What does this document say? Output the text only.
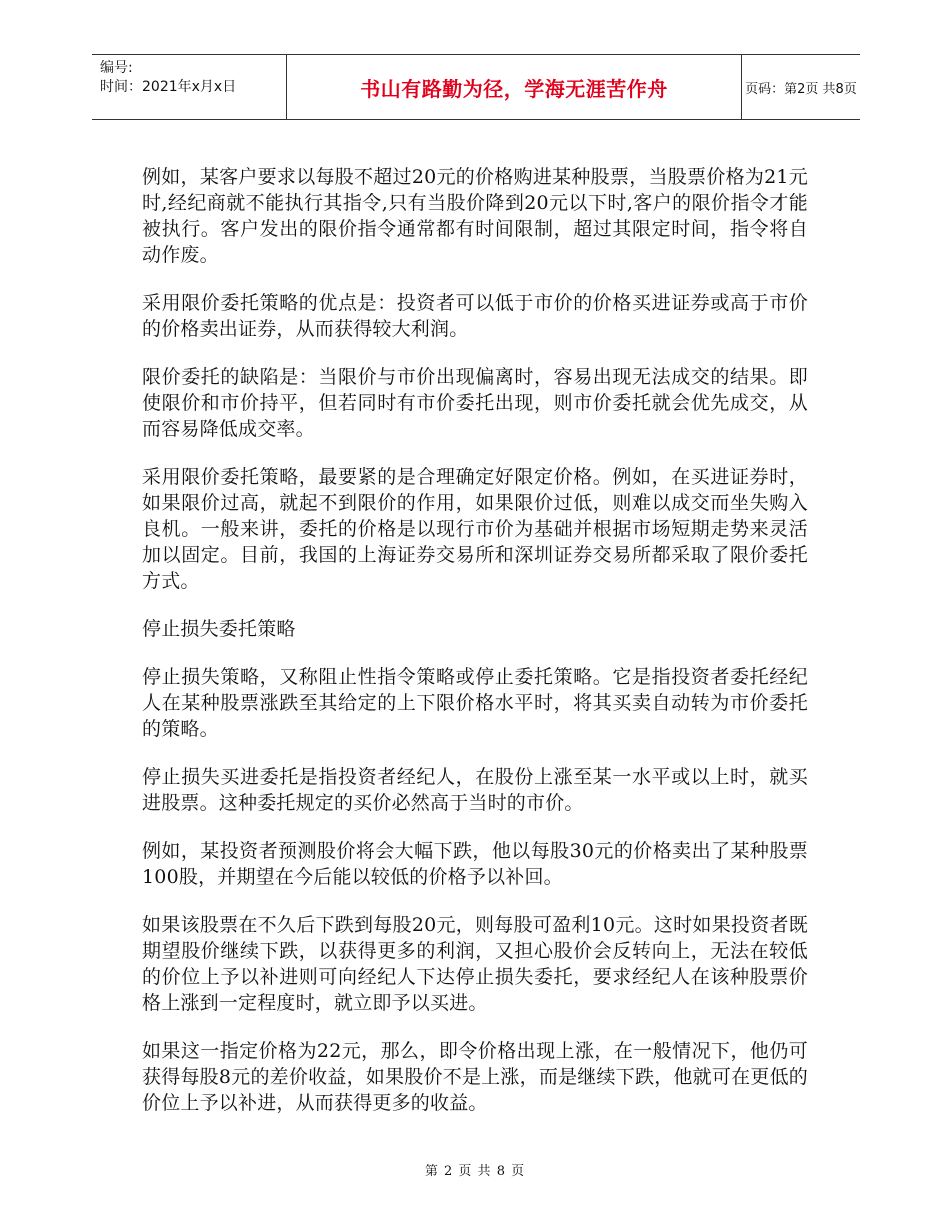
编号:
时间：2021年x月x日	书山有路勤为径，学海无涯苦作舟	页码：第2页 共8页

例如，某客户要求以每股不超过20元的价格购进某种股票，当股票价格为21元时,经纪商就不能执行其指令,只有当股价降到20元以下时,客户的限价指令才能被执行。客户发出的限价指令通常都有时间限制，超过其限定时间，指令将自动作废。

采用限价委托策略的优点是：投资者可以低于市价的价格买进证券或高于市价的价格卖出证券，从而获得较大利润。

限价委托的缺陷是：当限价与市价出现偏离时，容易出现无法成交的结果。即使限价和市价持平，但若同时有市价委托出现，则市价委托就会优先成交，从而容易降低成交率。

采用限价委托策略，最要紧的是合理确定好限定价格。例如，在买进证券时，如果限价过高，就起不到限价的作用，如果限价过低，则难以成交而坐失购入良机。一般来讲，委托的价格是以现行市价为基础并根据市场短期走势来灵活加以固定。目前，我国的上海证券交易所和深圳证券交易所都采取了限价委托方式。

停止损失委托策略

停止损失策略，又称阻止性指令策略或停止委托策略。它是指投资者委托经纪人在某种股票涨跌至其给定的上下限价格水平时，将其买卖自动转为市价委托的策略。

停止损失买进委托是指投资者经纪人，在股份上涨至某一水平或以上时，就买进股票。这种委托规定的买价必然高于当时的市价。

例如，某投资者预测股价将会大幅下跌，他以每股30元的价格卖出了某种股票100股，并期望在今后能以较低的价格予以补回。

如果该股票在不久后下跌到每股20元，则每股可盈利10元。这时如果投资者既期望股价继续下跌，以获得更多的利润，又担心股价会反转向上，无法在较低的价位上予以补进则可向经纪人下达停止损失委托，要求经纪人在该种股票价格上涨到一定程度时，就立即予以买进。

如果这一指定价格为22元，那么，即令价格出现上涨，在一般情况下，他仍可获得每股8元的差价收益，如果股价不是上涨，而是继续下跌，他就可在更低的价位上予以补进，从而获得更多的收益。

第 2 页 共 8 页
